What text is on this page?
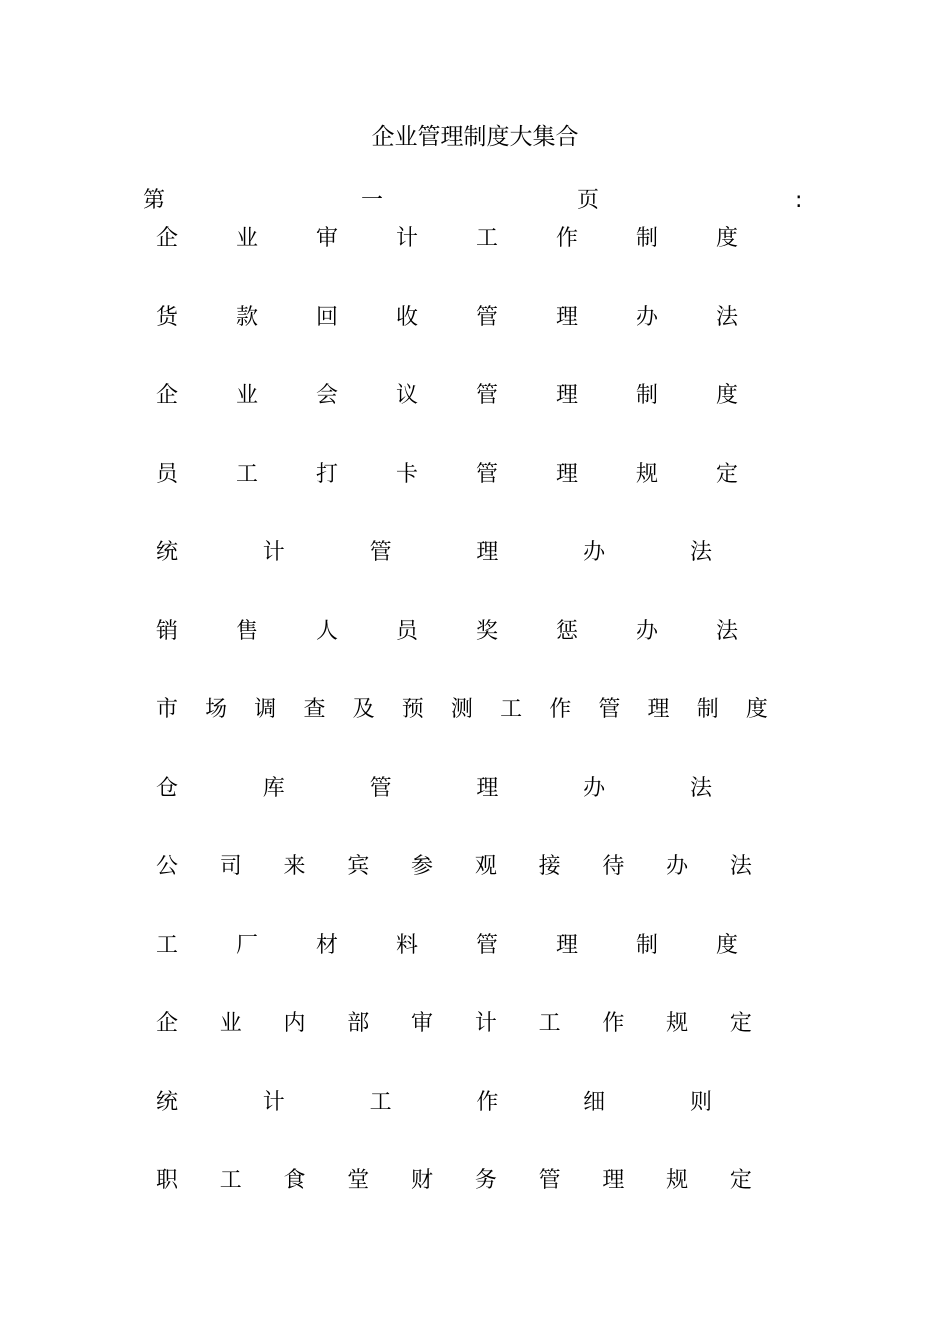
企业管理制度大集合
第	一	页	:
企	业	审	计	工	作	制	度
货	款	回	收	管	理	办	法
企	业	会	议	管	理	制	度
员	工	打	卡	管	理	规	定
统	计	管	理	办	法
销	售	人	员	奖	惩	办	法
市 场 调 查 及 预 测 工 作 管 理 制 度
仓	库	管	理	办	法
公 司 来 宾 参 观 接 待 办 法
工	厂	材	料	管	理	制	度
企 业 内 部 审 计 工 作 规 定
统	计	工	作	细	则
职 工 食 堂 财 务 管 理 规 定
